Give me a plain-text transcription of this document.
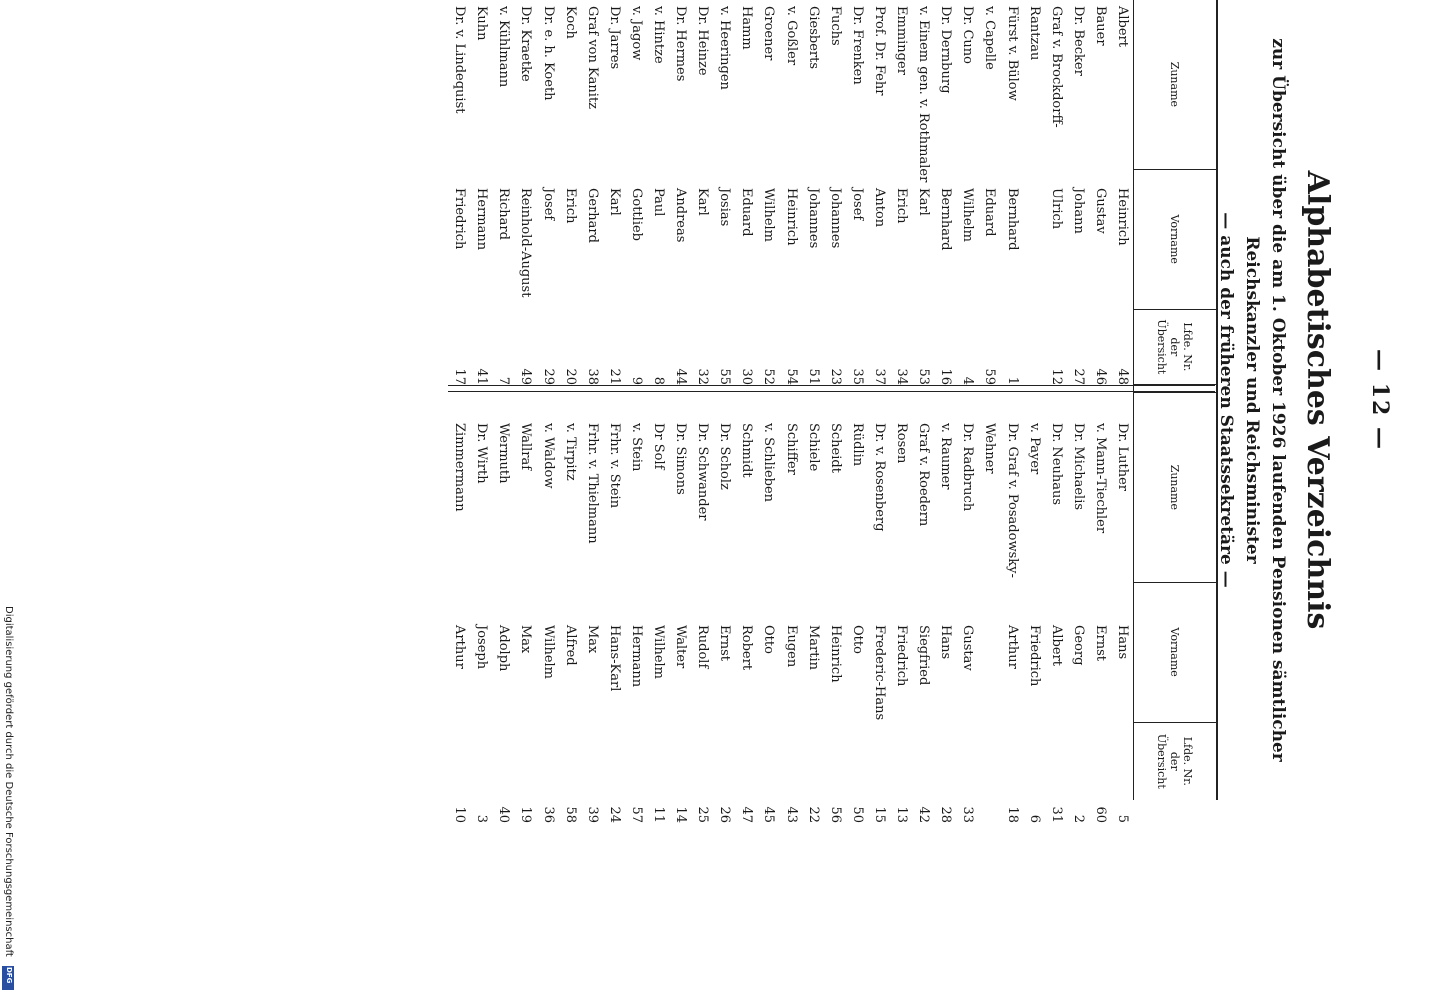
— 12 —
Alphabetisches Verzeichnis
zur Übersicht über die am 1. Oktober 1926 laufenden Pensionen sämtlicher Reichskanzler und Reichsminister
— auch der früheren Staatssekretäre —
Zuname
Vorname
Lfde. Nr.
der
Übersicht
Zuname
Vorname
Lfde. Nr.
der
Übersicht
Albert
Bauer
Dr. Becker
Graf v. Brockdorff-
Rantzau
Fürst v. Bülow
v. Capelle
Dr. Cuno
Dr. Dernburg
v. Einem gen. v. Rothmaler
Emminger
Prof. Dr. Fehr
Dr. Frenken
Fuchs
Giesberts
v. Goßler
Groener
Hamm
v. Heeringen
Dr. Heinze
Dr. Hermes
v. Hintze
v. Jagow
Dr. Jarres
Graf von Kanitz
Koch
Dr. e. h. Koeth
Dr. Kraetke
v. Kühlmann
Kuhn
Dr. v. Lindequist
Heinrich
Gustav
Johann
Ulrich
Bernhard
Eduard
Wilhelm
Bernhard
Karl
Erich
Anton
Josef
Johannes
Johannes
Heinrich
Wilhelm
Eduard
Josias
Karl
Andreas
Paul
Gottlieb
Karl
Gerhard
Erich
Josef
Reinhold-August
Richard
Hermann
Friedrich
48
46
27
12
1
59
4
16
53
34
37
35
23
51
54
52
30
55
32
44
8
9
21
38
20
29
49
7
41
17
Dr. Luther
v. Mann-Tiechler
Dr. Michaelis
Dr. Neuhaus
v. Payer
Dr. Graf v. Posadowsky-
Wehner
Dr. Radbruch
v. Raumer
Graf v. Roedern
Rosen
Dr. v. Rosenberg
Rüdlin
Scheidt
Schiele
Schiffer
v. Schlieben
Schmidt
Dr. Scholz
Dr. Schwander
Dr. Simons
Dr Solf
v. Stein
Frhr. v. Stein
Frhr. v. Thielmann
v. Tirpitz
v. Waldow
Wallraf
Wermuth
Dr. Wirth
Zimmermann
Hans
Ernst
Georg
Albert
Friedrich
Arthur
Gustav
Hans
Siegfried
Friedrich
Frederic-Hans
Otto
Heinrich
Martin
Eugen
Otto
Robert
Ernst
Rudolf
Walter
Wilhelm
Hermann
Hans-Karl
Max
Alfred
Wilhelm
Max
Adolph
Joseph
Arthur
5
60
2
31
6
18
33
28
42
13
15
50
56
22
43
45
47
26
25
14
11
57
24
39
58
36
19
40
3
10
Digitalisierung gefördert durch die Deutsche Forschungsgemeinschaft
DFG
